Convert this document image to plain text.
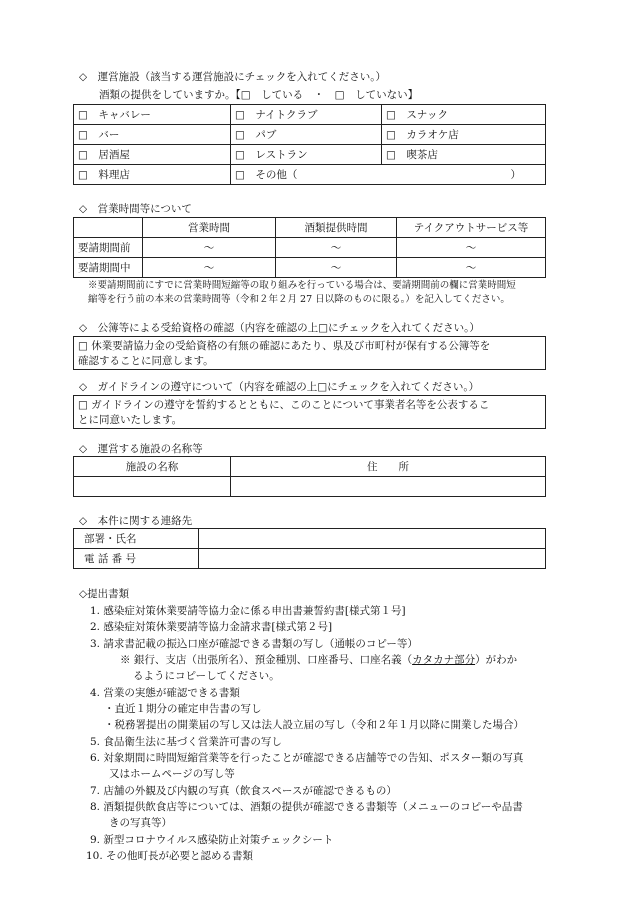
◇　運営施設（該当する運営施設にチェックを入れてください。）
酒類の提供をしていますか。【□　している　・　□　していない】
□　キャバレー	□　ナイトクラブ	□　スナック
□　バー	□　パブ	□　カラオケ店
□　居酒屋	□　レストラン	□　喫茶店
□　料理店	□　その他（ ）	
◇　営業時間等について
	営業時間	酒類提供時間	テイクアウトサービス等
要請期間前	～	～	～
要請期間中	～	～	～
※要請期間前にすでに営業時間短縮等の取り組みを行っている場合は、要請期間前の欄に営業時間短
縮等を行う前の本来の営業時間等（令和２年２月 27 日以降のものに限る。）を記入してください。
◇　公簿等による受給資格の確認（内容を確認の上□にチェックを入れてください。）
□ 休業要請協力金の受給資格の有無の確認にあたり、県及び市町村が保有する公簿等を
確認することに同意します。
◇　ガイドラインの遵守について（内容を確認の上□にチェックを入れてください。）
□ ガイドラインの遵守を誓約するとともに、このことについて事業者名等を公表するこ
とに同意いたします。
◇　運営する施設の名称等
施設の名称	住　　所

◇　本件に関する連絡先
部署・氏名	
電 話 番 号	
◇提出書類
1. 感染症対策休業要請等協力金に係る申出書兼誓約書[様式第１号]
2. 感染症対策休業要請等協力金請求書[様式第２号]
3. 請求書記載の振込口座が確認できる書類の写し（通帳のコピー等）
※ 銀行、支店（出張所名）、預金種別、口座番号、口座名義（カタカナ部分）がわか
るようにコピーしてください。
4. 営業の実態が確認できる書類
・直近１期分の確定申告書の写し
・税務署提出の開業届の写し又は法人設立届の写し（令和２年１月以降に開業した場合）
5. 食品衛生法に基づく営業許可書の写し
6. 対象期間に時間短縮営業等を行ったことが確認できる店舗等での告知、ポスター類の写真
又はホームページの写し等
7. 店舗の外観及び内観の写真（飲食スペースが確認できるもの）
8. 酒類提供飲食店等については、酒類の提供が確認できる書類等（メニューのコピーや品書
きの写真等）
9. 新型コロナウイルス感染防止対策チェックシート
10. その他町長が必要と認める書類
